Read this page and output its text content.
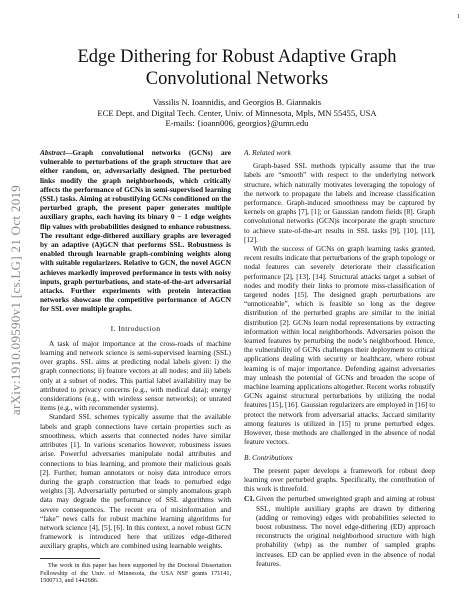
1
arXiv:1910.09590v1 [cs.LG] 21 Oct 2019
Edge Dithering for Robust Adaptive Graph Convolutional Networks
Vassilis N. Ioannidis, and Georgios B. Giannakis
ECE Dept. and Digital Tech. Center, Univ. of Minnesota, Mpls, MN 55455, USA
E-mails: {ioann006, georgios}@umn.edu

Abstract—Graph convolutional networks (GCNs) are vulnerable to perturbations of the graph structure that are either random, or, adversarially designed. The perturbed links modify the graph neighborhoods, which critically affects the performance of GCNs in semi-supervised learning (SSL) tasks. Aiming at robustifying GCNs conditioned on the perturbed graph, the present paper generates multiple auxiliary graphs, each having its binary 0 − 1 edge weights flip values with probabilities designed to enhance robustness. The resultant edge-dithered auxiliary graphs are leveraged by an adaptive (A)GCN that performs SSL. Robustness is enabled through learnable graph-combining weights along with suitable regularizers. Relative to GCN, the novel AGCN achieves markedly improved performance in tests with noisy inputs, graph perturbations, and state-of-the-art adversarial attacks. Further experiments with protein interaction networks showcase the competitive performance of AGCN for SSL over multiple graphs.

I. Introduction

A task of major importance at the cross-roads of machine learning and network science is semi-supervised learning (SSL) over graphs. SSL aims at predicting nodal labels given: i) the graph connections; ii) feature vectors at all nodes; and iii) labels only at a subset of nodes. This partial label availability may be attributed to privacy concerns (e.g., with medical data); energy considerations (e.g., with wireless sensor networks); or unrated items (e.g., with recommender systems).

Standard SSL schemes typically assume that the available labels and graph connections have certain properties such as smoothness, which asserts that connected nodes have similar attributes [1]. In various scenarios however, robustness issues arise. Powerful adversaries manipulate nodal attributes and connections to bias learning, and promote their malicious goals [2]. Further, human annotators or noisy data introduce errors during the graph construction that leads to perturbed edge weights [3]. Adversarially perturbed or simply anomalous graph data may degrade the performance of SSL algorithms with severe consequences. The recent era of misinformation and “fake” news calls for robust machine learning algorithms for network science [4], [5], [6]. In this context, a novel robust GCN framework is introduced here that utilizes edge-dithered auxiliary graphs, which are combined using learnable weights.

The work in this paper has been supported by the Doctoral Dissertation Fellowship of the Univ. of Minnesota, the USA NSF grants 171141, 1500713, and 1442686.
A. Related work

Graph-based SSL methods typically assume that the true labels are “smooth” with respect to the underlying network structure, which naturally motivates leveraging the topology of the network to propagate the labels and increase classification performance. Graph-induced smoothness may be captured by kernels on graphs [7], [1]; or Gaussian random fields [8]. Graph convolutional networks (GCN)s incorporate the graph structure to achieve state-of-the-art results in SSL tasks [9], [10], [11], [12].

With the success of GCNs on graph learning tasks granted, recent results indicate that perturbations of the graph topology or nodal features can severely deteriorate their classification performance [2], [13], [14]. Structural attacks target a subset of nodes and modify their links to promote miss-classification of targeted nodes [15]. The designed graph perturbations are “unnoticeable”, which is feasible so long as the degree distribution of the perturbed graphs are similar to the initial distribution [2]. GCNs learn nodal representations by extracting information within local neighborhoods. Adversaries poison the learned features by perturbing the node’s neighborhood. Hence, the vulnerability of GCNs challenges their deployment to critical applications dealing with security or healthcare, where robust learning is of major importance. Defending against adversaries may unleash the potential of GCNs and broaden the scope of machine learning applications altogether. Recent works robustify GCNs against structural perturbations by utilizing the nodal features [15], [16]. Gaussian regularizers are employed in [16] to protect the network from adversarial attacks. Jaccard similarity among features is utilized in [15] to prune perturbed edges. However, these methods are challenged in the absence of nodal feature vectors.

B. Contributions

The present paper develops a framework for robust deep learning over perturbed graphs. Specifically, the contribution of this work is threefold.

C1. Given the perturbed unweighted graph and aiming at robust SSL, multiple auxiliary graphs are drawn by dithering (adding or removing) edges with probabilities selected to boost robustness. The novel edge-dithering (ED) approach reconstructs the original neighborhood structure with high probability (whp) as the number of sampled graphs increases. ED can be applied even in the absence of nodal features.
